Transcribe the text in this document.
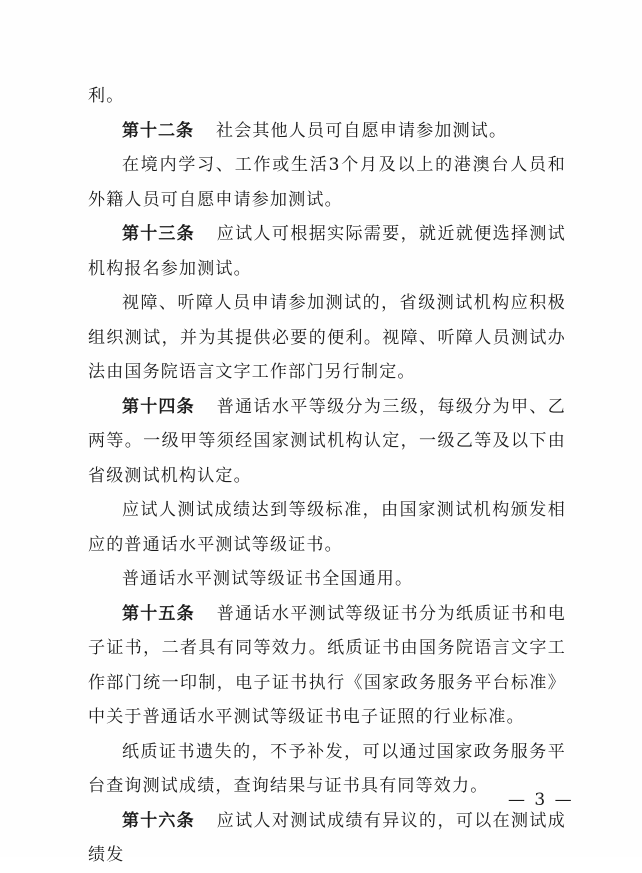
利。

第十二条 社会其他人员可自愿申请参加测试。

在境内学习、工作或生活3个月及以上的港澳台人员和外籍人员可自愿申请参加测试。

第十三条 应试人可根据实际需要，就近就便选择测试机构报名参加测试。

视障、听障人员申请参加测试的，省级测试机构应积极组织测试，并为其提供必要的便利。视障、听障人员测试办法由国务院语言文字工作部门另行制定。

第十四条 普通话水平等级分为三级，每级分为甲、乙两等。一级甲等须经国家测试机构认定，一级乙等及以下由省级测试机构认定。

应试人测试成绩达到等级标准，由国家测试机构颁发相应的普通话水平测试等级证书。

普通话水平测试等级证书全国通用。

第十五条 普通话水平测试等级证书分为纸质证书和电子证书，二者具有同等效力。纸质证书由国务院语言文字工作部门统一印制，电子证书执行《国家政务服务平台标准》中关于普通话水平测试等级证书电子证照的行业标准。

纸质证书遗失的，不予补发，可以通过国家政务服务平台查询测试成绩，查询结果与证书具有同等效力。

第十六条 应试人对测试成绩有异议的，可以在测试成绩发

— 3 —
